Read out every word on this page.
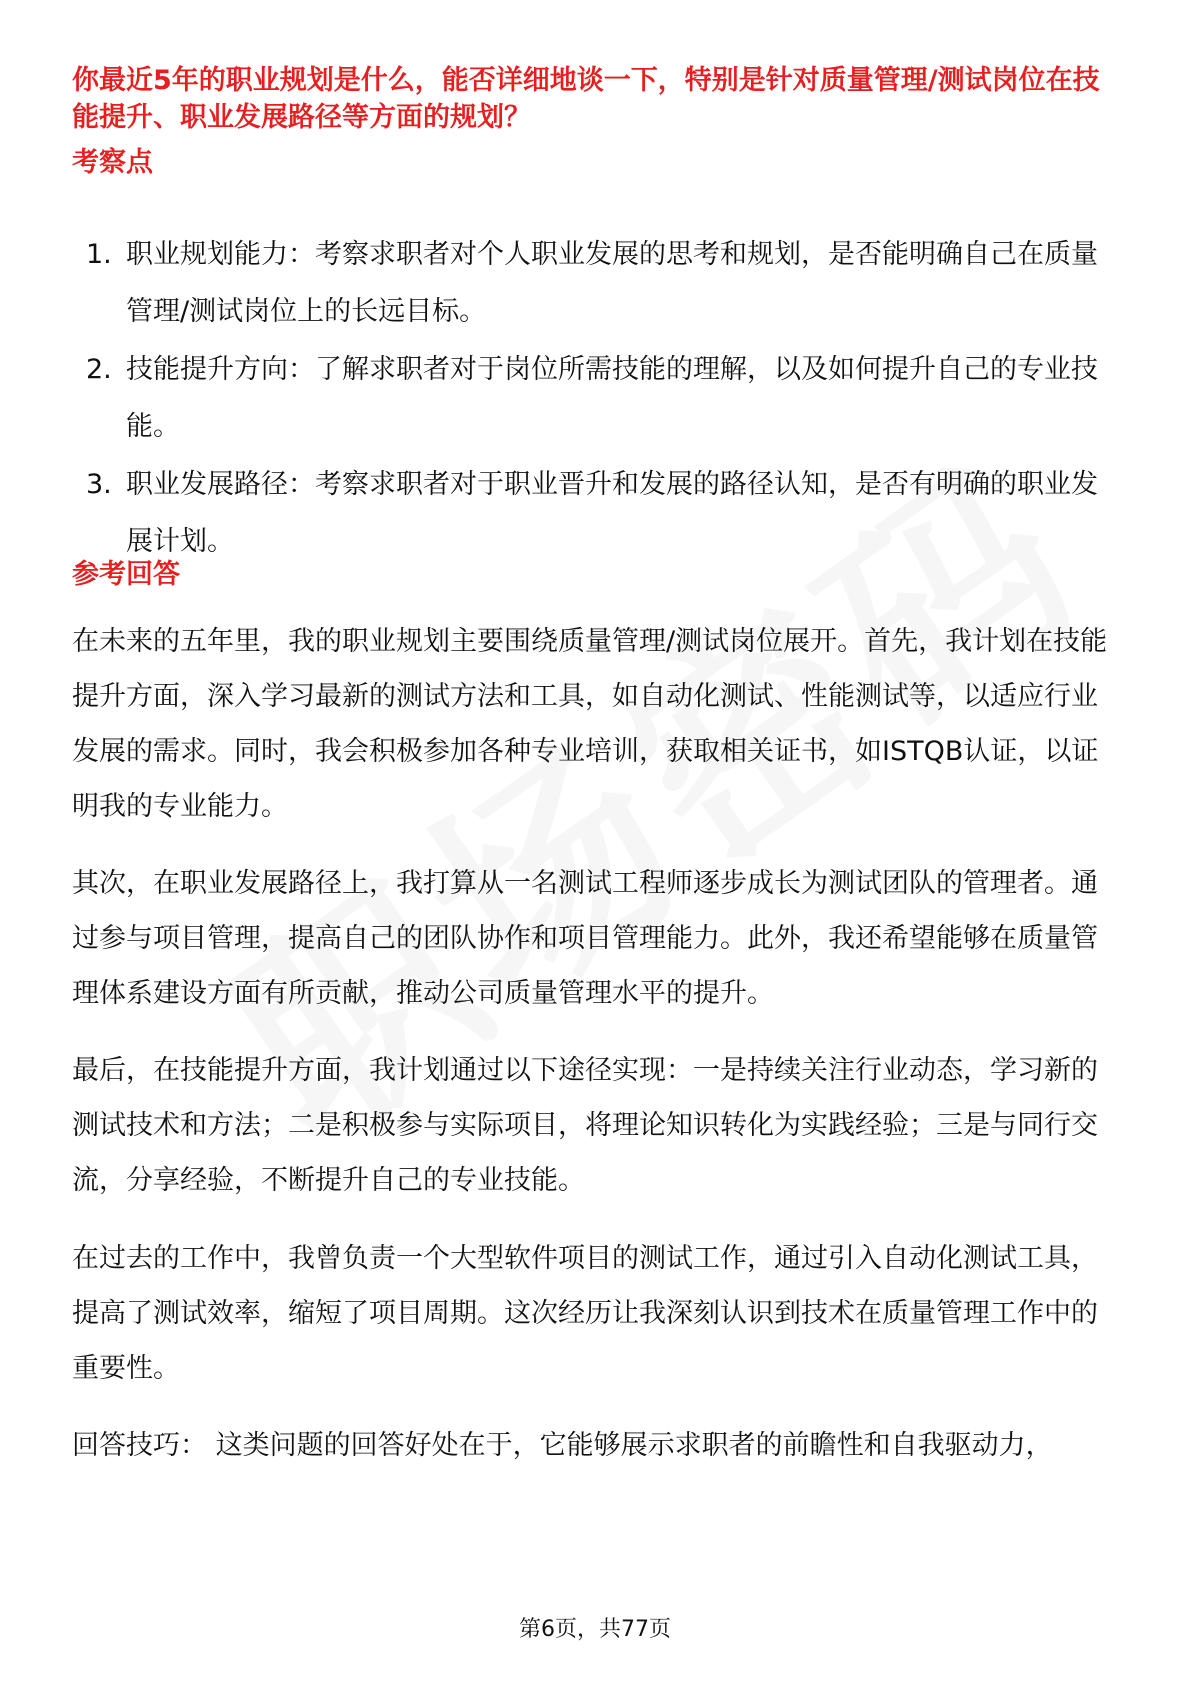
你最近5年的职业规划是什么，能否详细地谈一下，特别是针对质量管理/测试岗位在技能提升、职业发展路径等方面的规划？

考察点
1. 职业规划能力：考察求职者对个人职业发展的思考和规划，是否能明确自己在质量管理/测试岗位上的长远目标。
2. 技能提升方向：了解求职者对于岗位所需技能的理解，以及如何提升自己的专业技能。
3. 职业发展路径：考察求职者对于职业晋升和发展的路径认知，是否有明确的职业发展计划。
参考回答

在未来的五年里，我的职业规划主要围绕质量管理/测试岗位展开。首先，我计划在技能提升方面，深入学习最新的测试方法和工具，如自动化测试、性能测试等，以适应行业发展的需求。同时，我会积极参加各种专业培训，获取相关证书，如ISTQB认证，以证明我的专业能力。

其次，在职业发展路径上，我打算从一名测试工程师逐步成长为测试团队的管理者。通过参与项目管理，提高自己的团队协作和项目管理能力。此外，我还希望能够在质量管理体系建设方面有所贡献，推动公司质量管理水平的提升。

最后，在技能提升方面，我计划通过以下途径实现：一是持续关注行业动态，学习新的测试技术和方法；二是积极参与实际项目，将理论知识转化为实践经验；三是与同行交流，分享经验，不断提升自己的专业技能。

在过去的工作中，我曾负责一个大型软件项目的测试工作，通过引入自动化测试工具，提高了测试效率，缩短了项目周期。这次经历让我深刻认识到技术在质量管理工作中的重要性。

回答技巧： 这类问题的回答好处在于，它能够展示求职者的前瞻性和自我驱动力，

第6页，共77页
